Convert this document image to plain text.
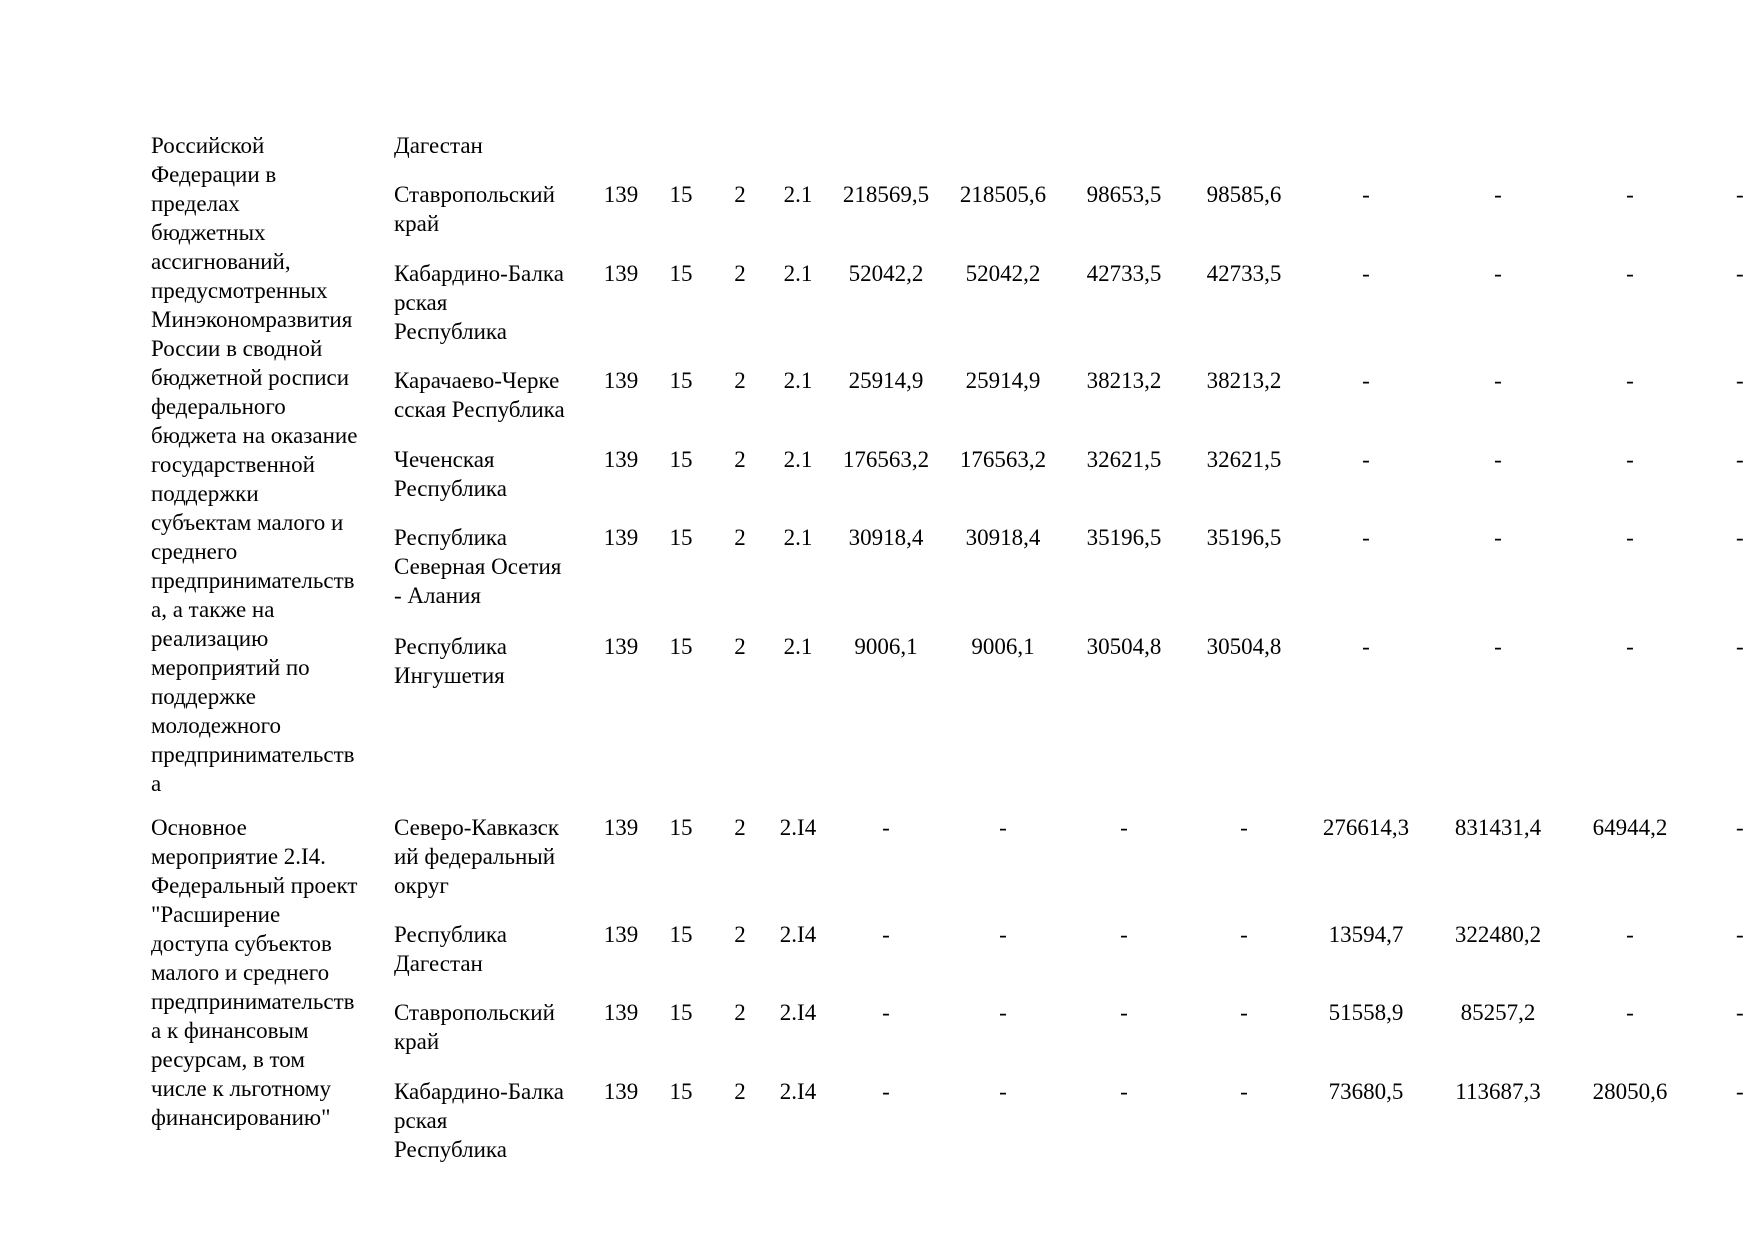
Российской
Федерации в
пределах
бюджетных
ассигнований,
предусмотренных
Минэкономразвития
России в сводной
бюджетной росписи
федерального
бюджета на оказание
государственной
поддержки
субъектам малого и
среднего
предпринимательств
а, а также на
реализацию
мероприятий по
поддержке
молодежного
предпринимательств
а
Дагестан
Ставропольский
край
139	15	2	2.1	218569,5	218505,6	98653,5	98585,6	-	-	-	-
Кабардино-Балка
рская
Республика
139	15	2	2.1	52042,2	52042,2	42733,5	42733,5	-	-	-	-
Карачаево-Черке
сская Республика
139	15	2	2.1	25914,9	25914,9	38213,2	38213,2	-	-	-	-
Чеченская
Республика
139	15	2	2.1	176563,2	176563,2	32621,5	32621,5	-	-	-	-
Республика
Северная Осетия
- Алания
139	15	2	2.1	30918,4	30918,4	35196,5	35196,5	-	-	-	-
Республика
Ингушетия
139	15	2	2.1	9006,1	9006,1	30504,8	30504,8	-	-	-	-
Основное
мероприятие 2.I4.
Федеральный проект
"Расширение
доступа субъектов
малого и среднего
предпринимательств
а к финансовым
ресурсам, в том
числе к льготному
финансированию"
Северо-Кавказск
ий федеральный
округ
139	15	2	2.I4	-	-	-	-	276614,3	831431,4	64944,2	-
Республика
Дагестан
139	15	2	2.I4	-	-	-	-	13594,7	322480,2	-	-
Ставропольский
край
139	15	2	2.I4	-	-	-	-	51558,9	85257,2	-	-
Кабардино-Балка
рская
Республика
139	15	2	2.I4	-	-	-	-	73680,5	113687,3	28050,6	-
